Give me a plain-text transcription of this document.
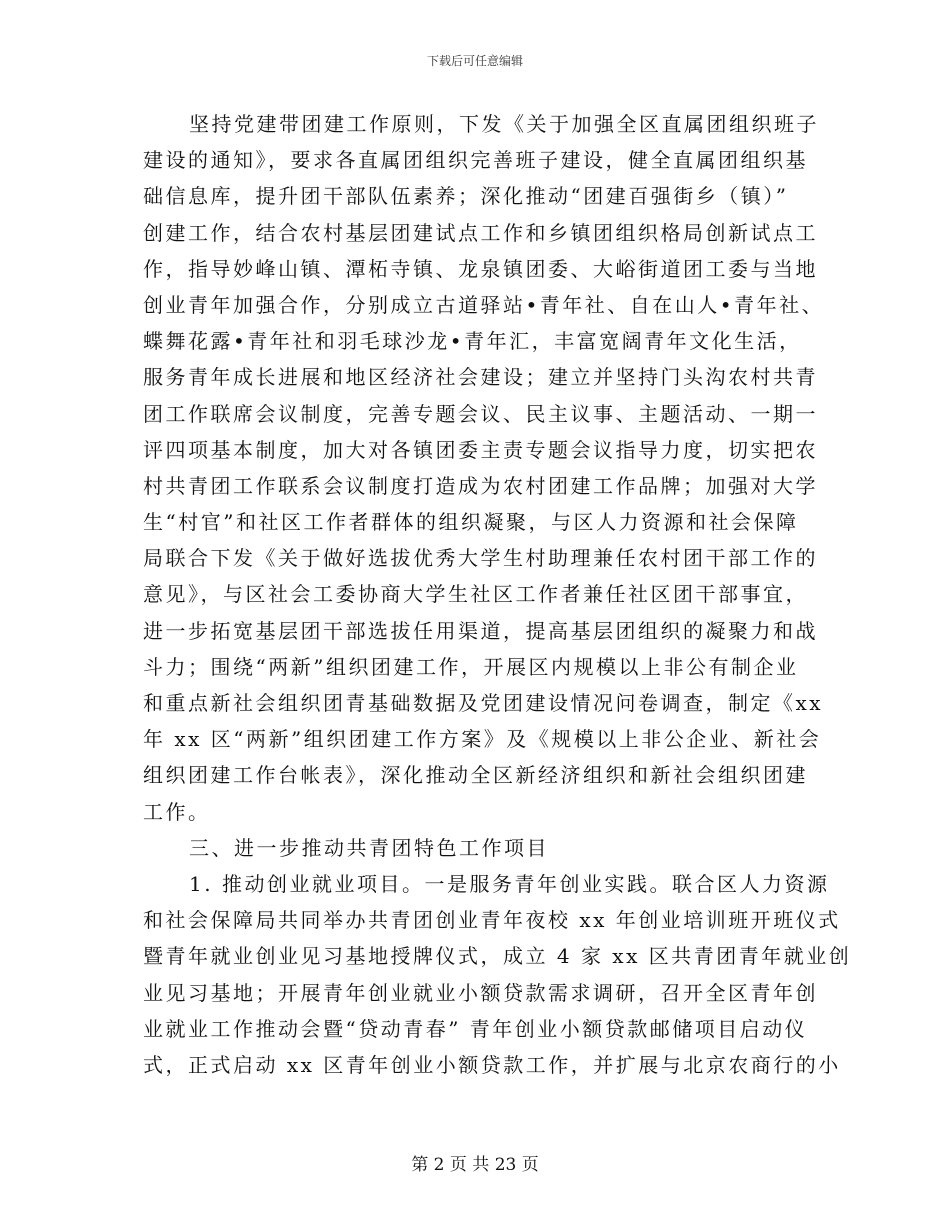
下载后可任意编辑
坚持党建带团建工作原则，下发《关于加强全区直属团组织班子
建设的通知》，要求各直属团组织完善班子建设，健全直属团组织基
础信息库，提升团干部队伍素养；深化推动“团建百强街乡（镇）”
创建工作，结合农村基层团建试点工作和乡镇团组织格局创新试点工
作，指导妙峰山镇、潭柘寺镇、龙泉镇团委、大峪街道团工委与当地
创业青年加强合作，分别成立古道驿站•青年社、自在山人•青年社、
蝶舞花露•青年社和羽毛球沙龙•青年汇，丰富宽阔青年文化生活，
服务青年成长进展和地区经济社会建设；建立并坚持门头沟农村共青
团工作联席会议制度，完善专题会议、民主议事、主题活动、一期一
评四项基本制度，加大对各镇团委主责专题会议指导力度，切实把农
村共青团工作联系会议制度打造成为农村团建工作品牌；加强对大学
生“村官”和社区工作者群体的组织凝聚，与区人力资源和社会保障
局联合下发《关于做好选拔优秀大学生村助理兼任农村团干部工作的
意见》，与区社会工委协商大学生社区工作者兼任社区团干部事宜，
进一步拓宽基层团干部选拔任用渠道，提高基层团组织的凝聚力和战
斗力；围绕“两新”组织团建工作，开展区内规模以上非公有制企业
和重点新社会组织团青基础数据及党团建设情况问卷调查，制定《xx
年 xx 区“两新”组织团建工作方案》及《规模以上非公企业、新社会
组织团建工作台帐表》，深化推动全区新经济组织和新社会组织团建
工作。
三、进一步推动共青团特色工作项目
1. 推动创业就业项目。一是服务青年创业实践。联合区人力资源
和社会保障局共同举办共青团创业青年夜校 xx 年创业培训班开班仪式
暨青年就业创业见习基地授牌仪式，成立 4 家 xx 区共青团青年就业创
业见习基地；开展青年创业就业小额贷款需求调研，召开全区青年创
业就业工作推动会暨“贷动青春” 青年创业小额贷款邮储项目启动仪
式，正式启动 xx 区青年创业小额贷款工作，并扩展与北京农商行的小
第 2 页 共 23 页
